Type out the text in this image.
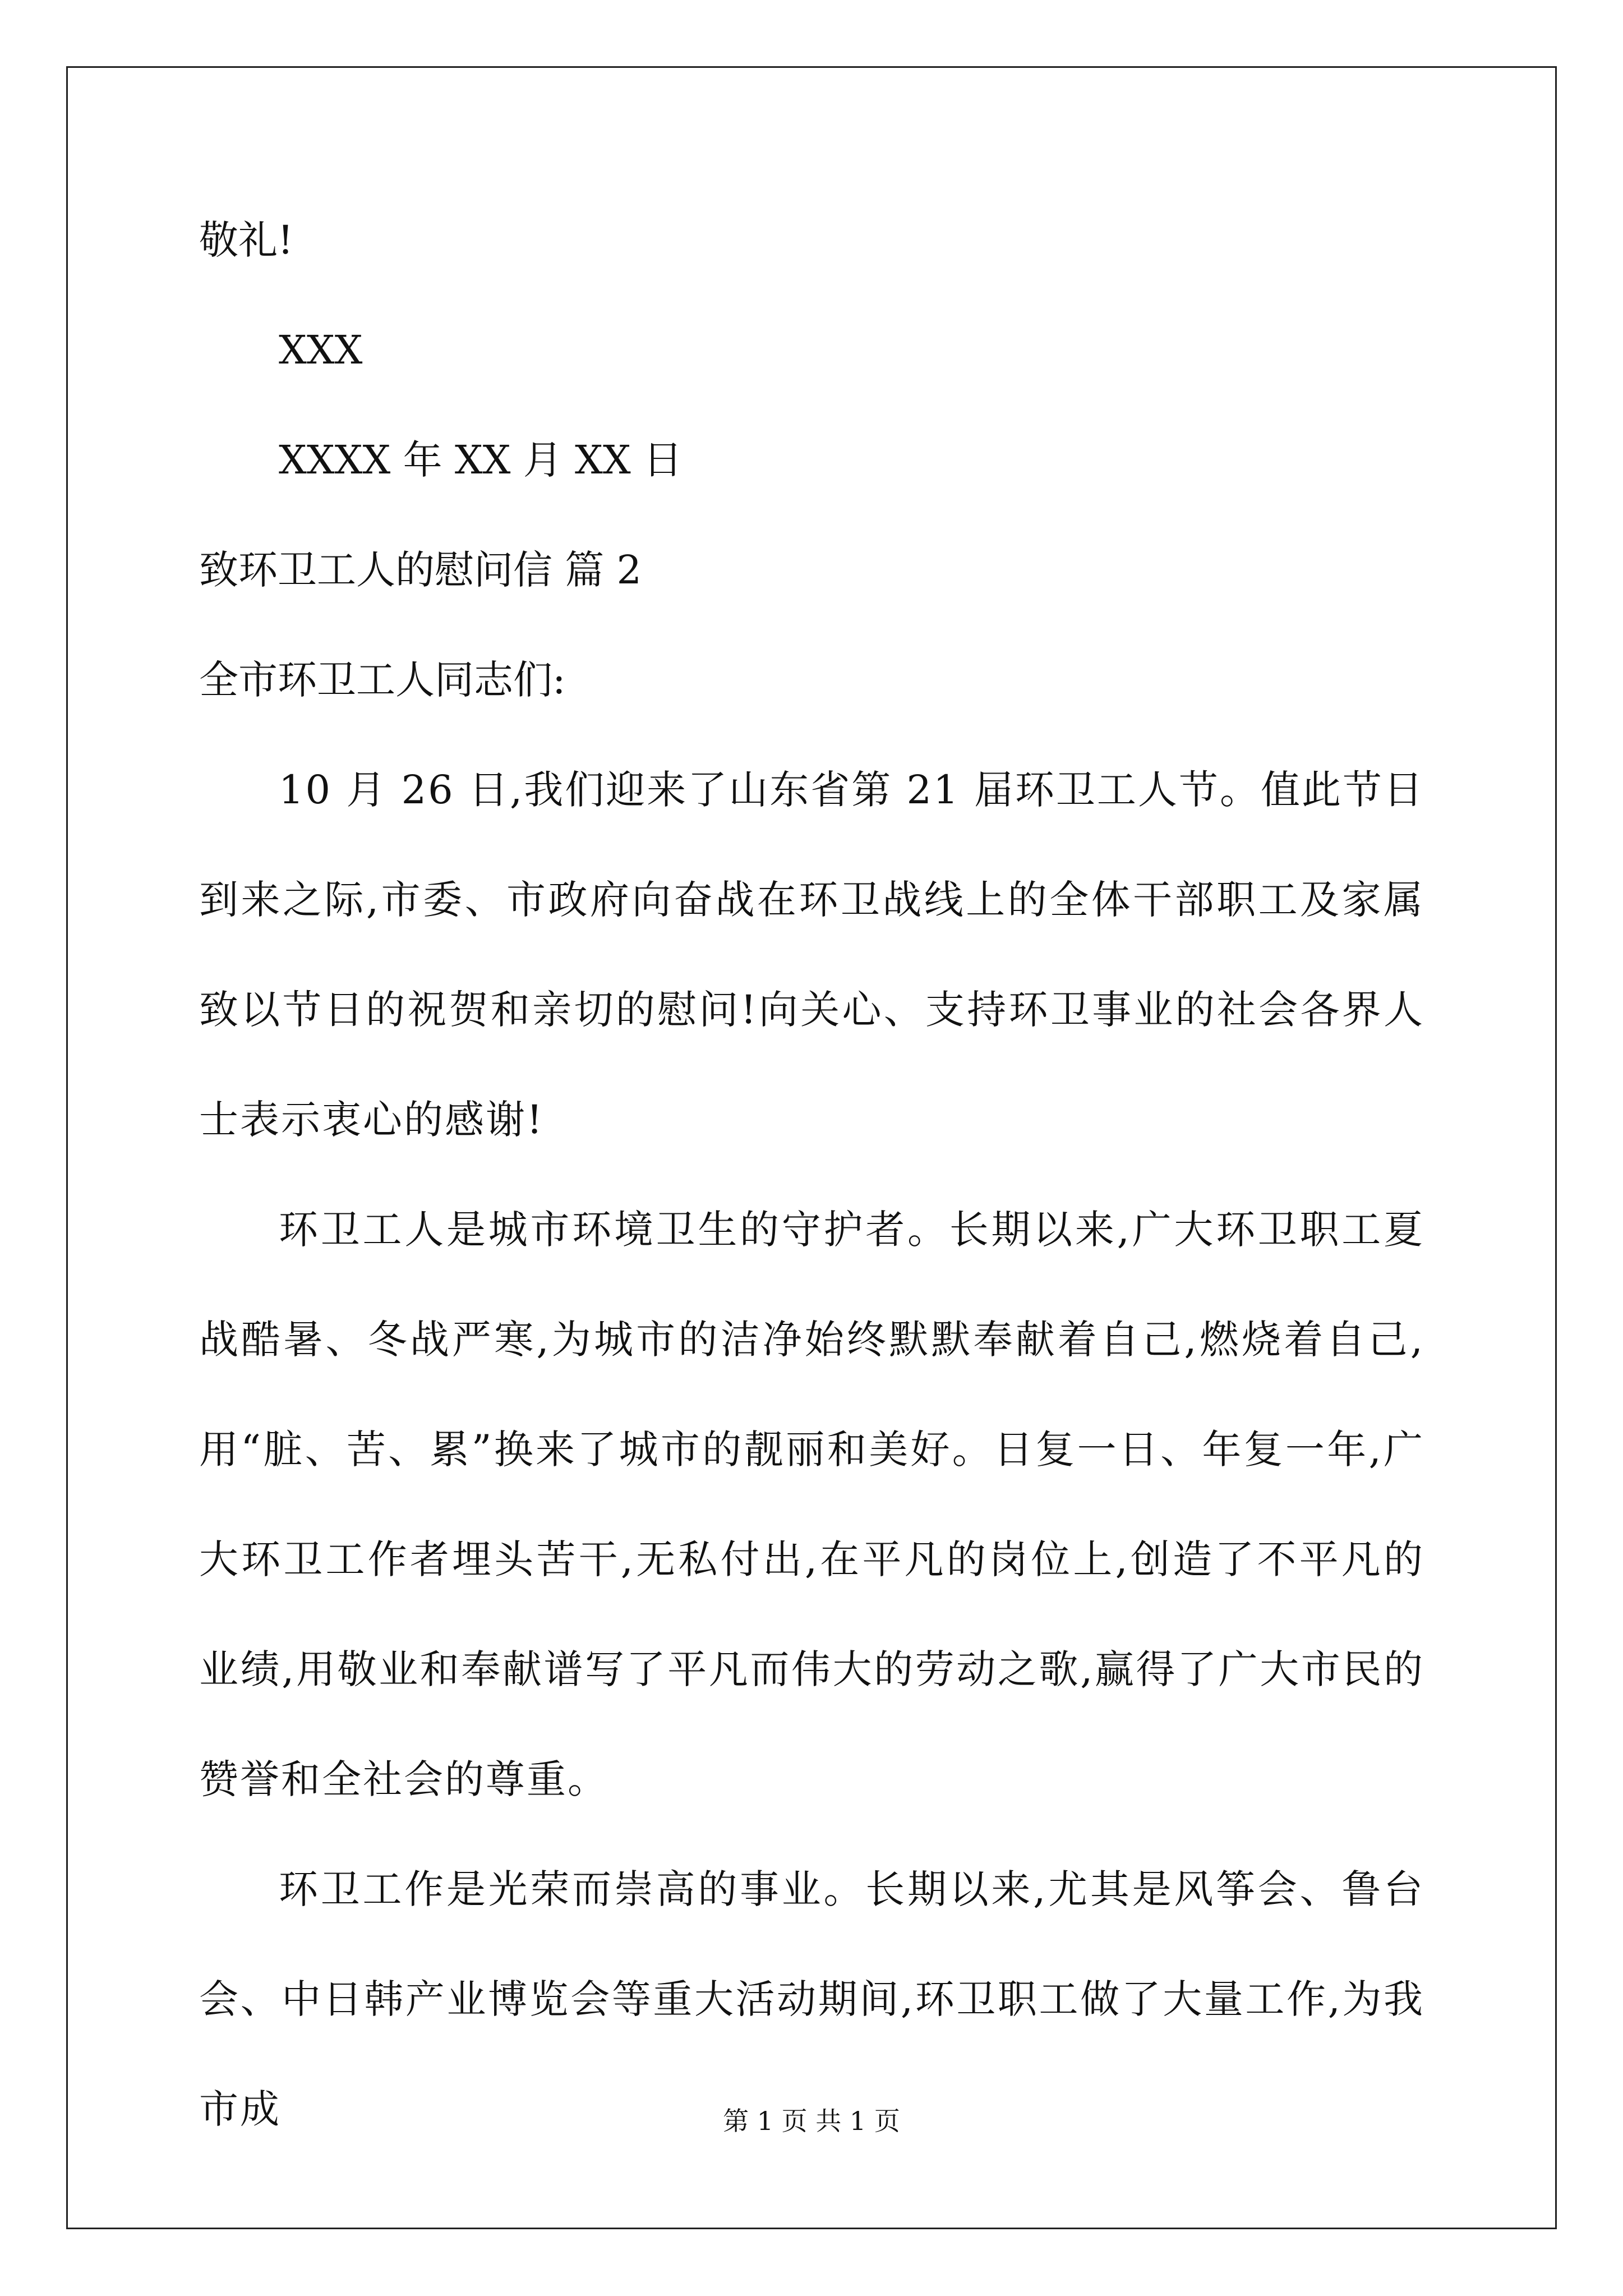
敬礼!

XXX

XXXX 年 XX 月 XX 日

致环卫工人的慰问信 篇 2

全市环卫工人同志们:

10 月 26 日,我们迎来了山东省第 21 届环卫工人节。值此节日到来之际,市委、市政府向奋战在环卫战线上的全体干部职工及家属致以节日的祝贺和亲切的慰问!向关心、支持环卫事业的社会各界人士表示衷心的感谢!

环卫工人是城市环境卫生的守护者。长期以来,广大环卫职工夏战酷暑、冬战严寒,为城市的洁净始终默默奉献着自己,燃烧着自己,用“脏、苦、累”换来了城市的靓丽和美好。日复一日、年复一年,广大环卫工作者埋头苦干,无私付出,在平凡的岗位上,创造了不平凡的业绩,用敬业和奉献谱写了平凡而伟大的劳动之歌,赢得了广大市民的赞誉和全社会的尊重。

环卫工作是光荣而崇高的事业。长期以来,尤其是风筝会、鲁台会、中日韩产业博览会等重大活动期间,环卫职工做了大量工作,为我市成	第 1 页 共 1 页
